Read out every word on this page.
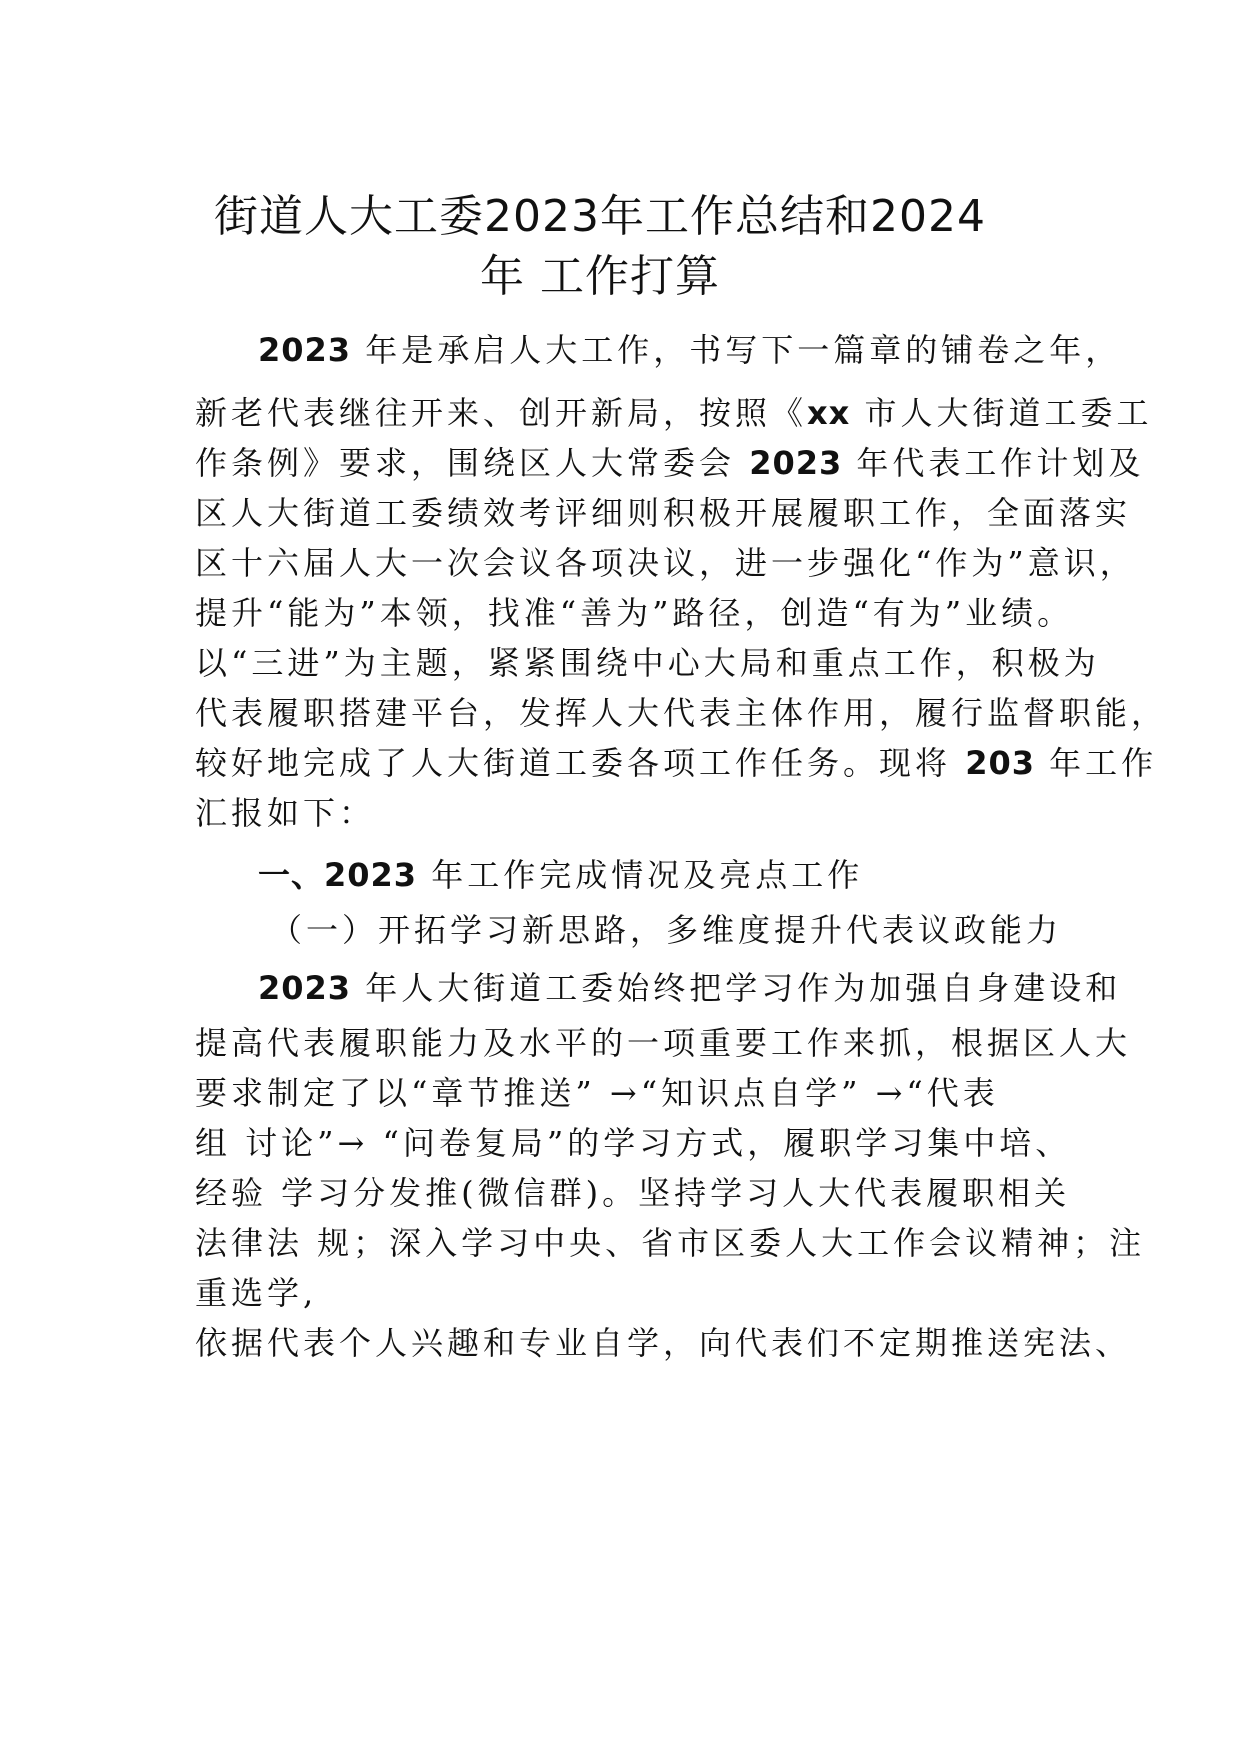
街道人大工委2023年工作总结和2024
年 工作打算
2023 年是承启人大工作，书写下一篇章的铺卷之年，
新老代表继往开来、创开新局，按照《xx 市人大街道工委工
作条例》要求，围绕区人大常委会 2023 年代表工作计划及
区人大街道工委绩效考评细则积极开展履职工作，全面落实
区十六届人大一次会议各项决议，进一步强化“作为”意识，
提升“能为”本领，找准“善为”路径，创造“有为”业绩。
以“三进”为主题，紧紧围绕中心大局和重点工作，积极为
代表履职搭建平台，发挥人大代表主体作用，履行监督职能，
较好地完成了人大街道工委各项工作任务。现将 203 年工作
汇报如下：
一、2023 年工作完成情况及亮点工作
（一）开拓学习新思路，多维度提升代表议政能力
2023 年人大街道工委始终把学习作为加强自身建设和
提高代表履职能力及水平的一项重要工作来抓，根据区人大
要求制定了以“章节推送” →“知识点自学” →“代表
组 讨论”→ “问卷复局”的学习方式，履职学习集中培、
经验 学习分发推(微信群)。坚持学习人大代表履职相关
法律法 规；深入学习中央、省市区委人大工作会议精神；注
重选学,
依据代表个人兴趣和专业自学，向代表们不定期推送宪法、
